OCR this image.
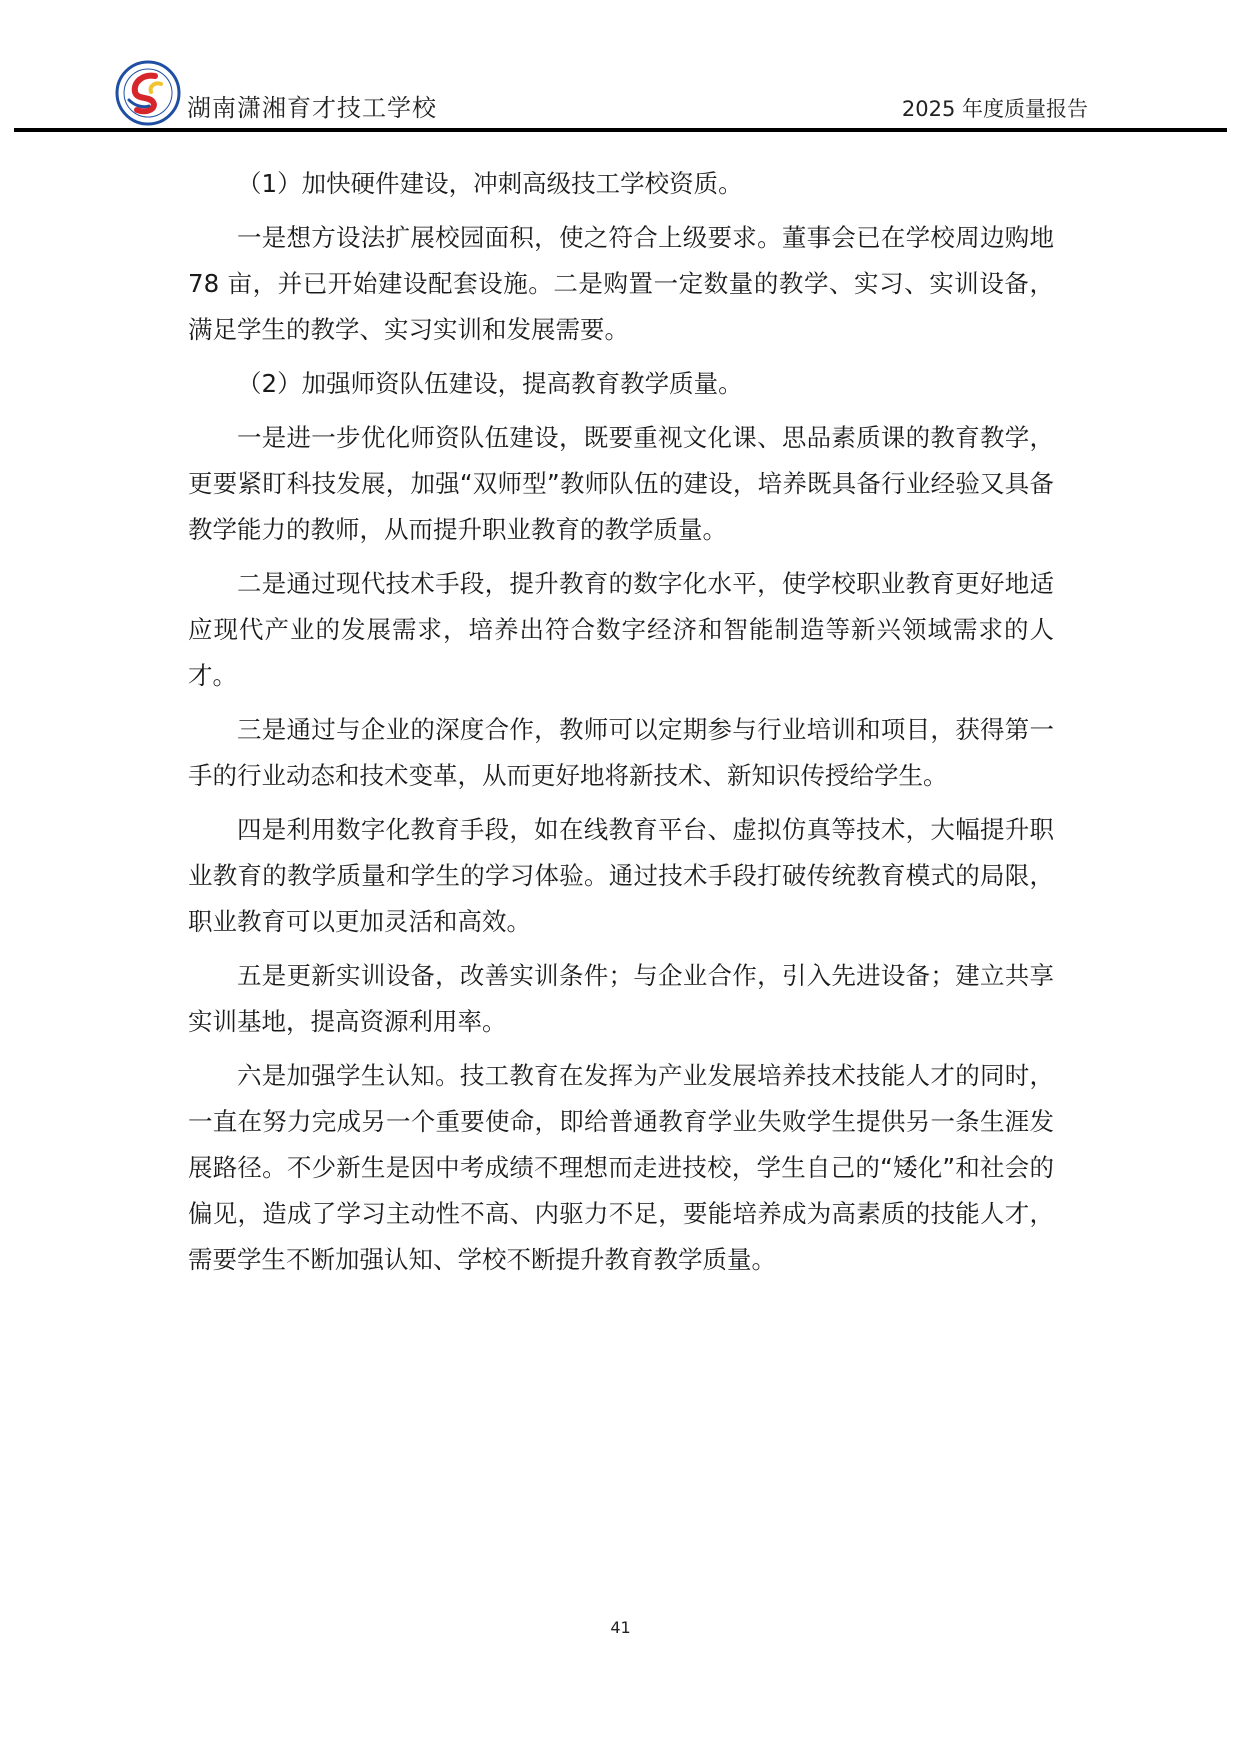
湖南潇湘育才技工学校	2025 年度质量报告

（1）加快硬件建设，冲刺高级技工学校资质。

一是想方设法扩展校园面积，使之符合上级要求。董事会已在学校周边购地 78 亩，并已开始建设配套设施。二是购置一定数量的教学、实习、实训设备，满足学生的教学、实习实训和发展需要。

（2）加强师资队伍建设，提高教育教学质量。

一是进一步优化师资队伍建设，既要重视文化课、思品素质课的教育教学，更要紧盯科技发展，加强“双师型”教师队伍的建设，培养既具备行业经验又具备教学能力的教师，从而提升职业教育的教学质量。

二是通过现代技术手段，提升教育的数字化水平，使学校职业教育更好地适应现代产业的发展需求，培养出符合数字经济和智能制造等新兴领域需求的人才。

三是通过与企业的深度合作，教师可以定期参与行业培训和项目，获得第一手的行业动态和技术变革，从而更好地将新技术、新知识传授给学生。

四是利用数字化教育手段，如在线教育平台、虚拟仿真等技术，大幅提升职业教育的教学质量和学生的学习体验。通过技术手段打破传统教育模式的局限，职业教育可以更加灵活和高效。

五是更新实训设备，改善实训条件；与企业合作，引入先进设备；建立共享实训基地，提高资源利用率。

六是加强学生认知。技工教育在发挥为产业发展培养技术技能人才的同时，一直在努力完成另一个重要使命，即给普通教育学业失败学生提供另一条生涯发展路径。不少新生是因中考成绩不理想而走进技校，学生自己的“矮化”和社会的偏见，造成了学习主动性不高、内驱力不足，要能培养成为高素质的技能人才，需要学生不断加强认知、学校不断提升教育教学质量。

41
